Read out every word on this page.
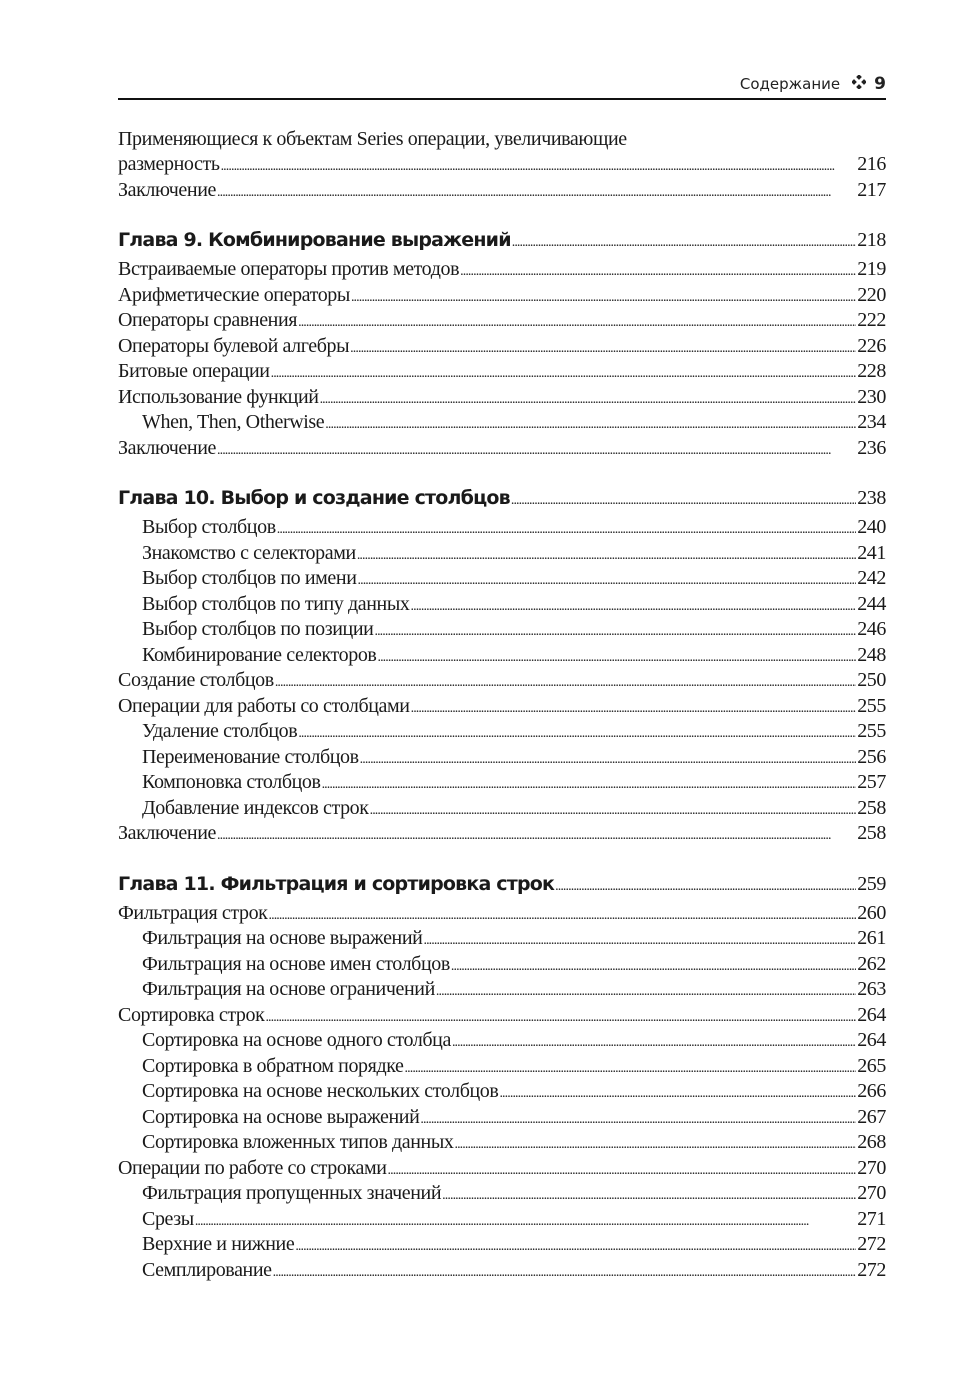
Содержание 9
Применяющиеся к объектам Series операции, увеличивающие
размерность . . .	216
Заключение . . .	217
Глава 9. Комбинирование выражений . . .	218
Встраиваемые операторы против методов . . .	219
Арифметические операторы . . .	220
Операторы сравнения . . .	222
Операторы булевой алгебры . . .	226
Битовые операции . . .	228
Использование функций . . .	230
When, Then, Otherwise . . .	234
Заключение . . .	236
Глава 10. Выбор и создание столбцов . . .	238
Выбор столбцов . . .	240
Знакомство с селекторами . . .	241
Выбор столбцов по имени . . .	242
Выбор столбцов по типу данных . . .	244
Выбор столбцов по позиции . . .	246
Комбинирование селекторов . . .	248
Создание столбцов . . .	250
Операции для работы со столбцами . . .	255
Удаление столбцов . . .	255
Переименование столбцов . . .	256
Компоновка столбцов . . .	257
Добавление индексов строк . . .	258
Заключение . . .	258
Глава 11. Фильтрация и сортировка строк . . .	259
Фильтрация строк . . .	260
Фильтрация на основе выражений . . .	261
Фильтрация на основе имен столбцов . . .	262
Фильтрация на основе ограничений . . .	263
Сортировка строк . . .	264
Сортировка на основе одного столбца . . .	264
Сортировка в обратном порядке . . .	265
Сортировка на основе нескольких столбцов . . .	266
Сортировка на основе выражений . . .	267
Сортировка вложенных типов данных . . .	268
Операции по работе со строками . . .	270
Фильтрация пропущенных значений . . .	270
Срезы . . .	271
Верхние и нижние . . .	272
Семплирование . . .	272
